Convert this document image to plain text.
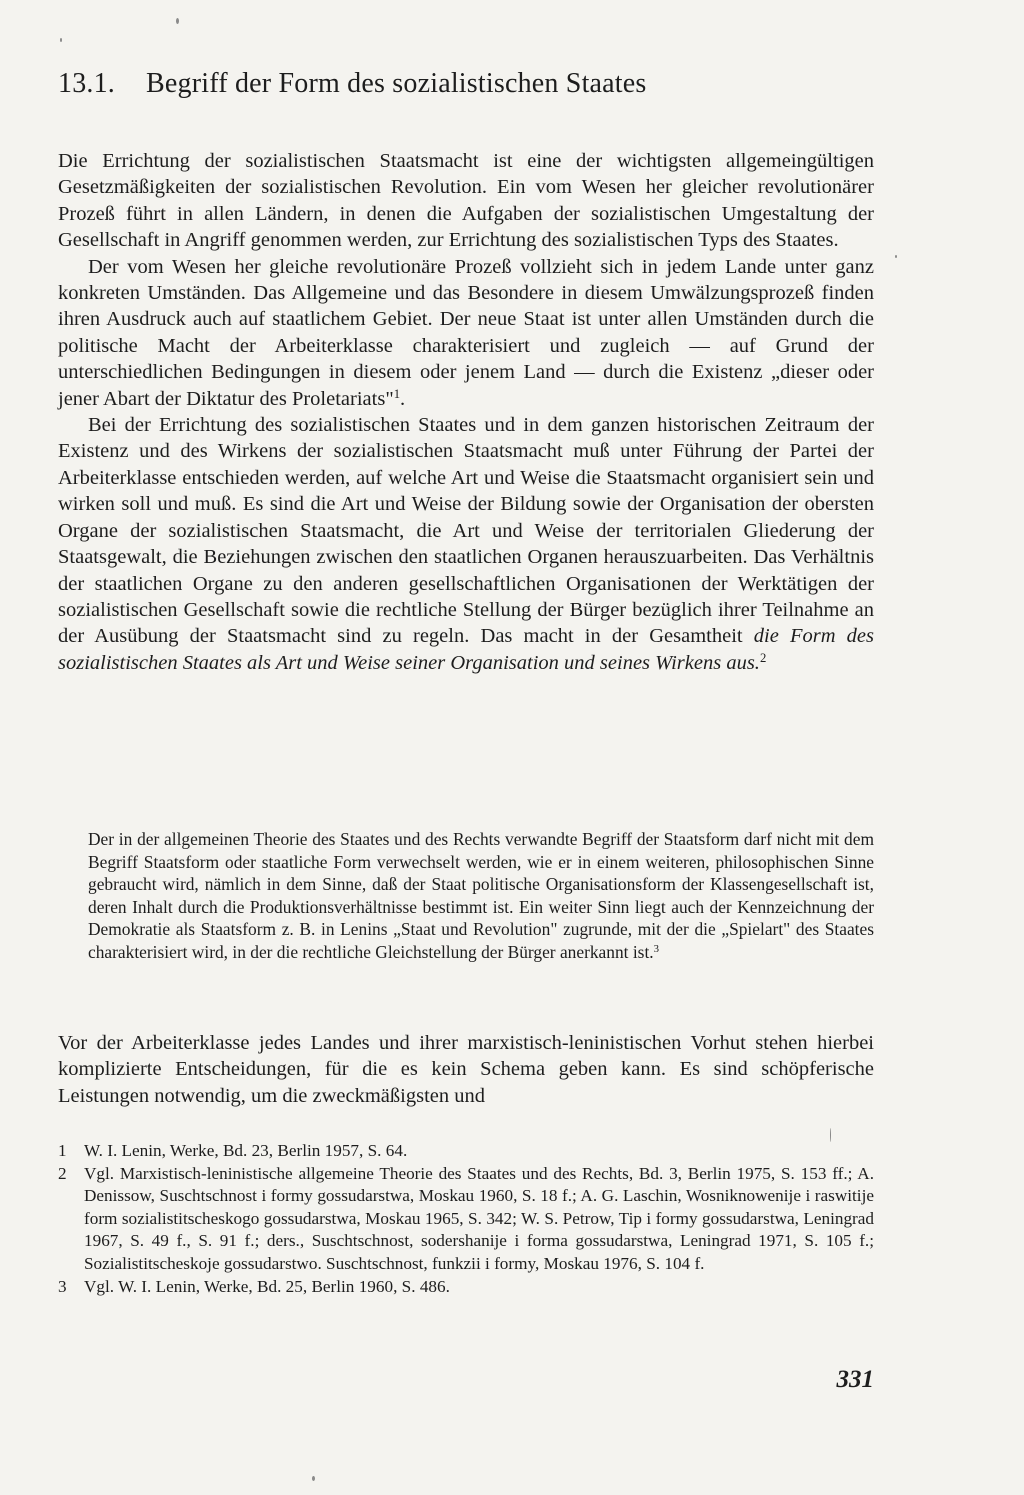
13.1. Begriff der Form des sozialistischen Staates

Die Errichtung der sozialistischen Staatsmacht ist eine der wichtigsten allgemeingültigen Gesetzmäßigkeiten der sozialistischen Revolution. Ein vom Wesen her gleicher revolutionärer Prozeß führt in allen Ländern, in denen die Aufgaben der sozialistischen Umgestaltung der Gesellschaft in Angriff genommen werden, zur Errichtung des sozialistischen Typs des Staates.

Der vom Wesen her gleiche revolutionäre Prozeß vollzieht sich in jedem Lande unter ganz konkreten Umständen. Das Allgemeine und das Besondere in diesem Umwälzungsprozeß finden ihren Ausdruck auch auf staatlichem Gebiet. Der neue Staat ist unter allen Umständen durch die politische Macht der Arbeiterklasse charakterisiert und zugleich — auf Grund der unterschiedlichen Bedingungen in diesem oder jenem Land — durch die Existenz „dieser oder jener Abart der Diktatur des Proletariats"$^1$.

Bei der Errichtung des sozialistischen Staates und in dem ganzen historischen Zeitraum der Existenz und des Wirkens der sozialistischen Staatsmacht muß unter Führung der Partei der Arbeiterklasse entschieden werden, auf welche Art und Weise die Staatsmacht organisiert sein und wirken soll und muß. Es sind die Art und Weise der Bildung sowie der Organisation der obersten Organe der sozialistischen Staatsmacht, die Art und Weise der territorialen Gliederung der Staatsgewalt, die Beziehungen zwischen den staatlichen Organen herauszuarbeiten. Das Verhältnis der staatlichen Organe zu den anderen gesellschaftlichen Organisationen der Werktätigen der sozialistischen Gesellschaft sowie die rechtliche Stellung der Bürger bezüglich ihrer Teilnahme an der Ausübung der Staatsmacht sind zu regeln. Das macht in der Gesamtheit die Form des sozialistischen Staates als Art und Weise seiner Organisation und seines Wirkens aus.$^2$

Der in der allgemeinen Theorie des Staates und des Rechts verwandte Begriff der Staatsform darf nicht mit dem Begriff Staatsform oder staatliche Form verwechselt werden, wie er in einem weiteren, philosophischen Sinne gebraucht wird, nämlich in dem Sinne, daß der Staat politische Organisationsform der Klassengesellschaft ist, deren Inhalt durch die Produktionsverhältnisse bestimmt ist. Ein weiter Sinn liegt auch der Kennzeichnung der Demokratie als Staatsform z. B. in Lenins „Staat und Revolution" zugrunde, mit der die „Spielart" des Staates charakterisiert wird, in der die rechtliche Gleichstellung der Bürger anerkannt ist.$^3$

Vor der Arbeiterklasse jedes Landes und ihrer marxistisch-leninistischen Vorhut stehen hierbei komplizierte Entscheidungen, für die es kein Schema geben kann. Es sind schöpferische Leistungen notwendig, um die zweckmäßigsten und

1	W. I. Lenin, Werke, Bd. 23, Berlin 1957, S. 64.
2	Vgl. Marxistisch-leninistische allgemeine Theorie des Staates und des Rechts, Bd. 3, Berlin 1975, S. 153 ff.; A. Denissow, Suschtschnost i formy gossudarstwa, Moskau 1960, S. 18 f.; A. G. Laschin, Wosniknowenije i raswitije form sozialistitscheskogo gossudarstwa, Moskau 1965, S. 342; W. S. Petrow, Tip i formy gossudarstwa, Leningrad 1967, S. 49 f., S. 91 f.; ders., Suschtschnost, sodershanije i forma gossudarstwa, Leningrad 1971, S. 105 f.; Sozialistitscheskoje gossudarstwo. Suschtschnost, funkzii i formy, Moskau 1976, S. 104 f.
3	Vgl. W. I. Lenin, Werke, Bd. 25, Berlin 1960, S. 486.
331
